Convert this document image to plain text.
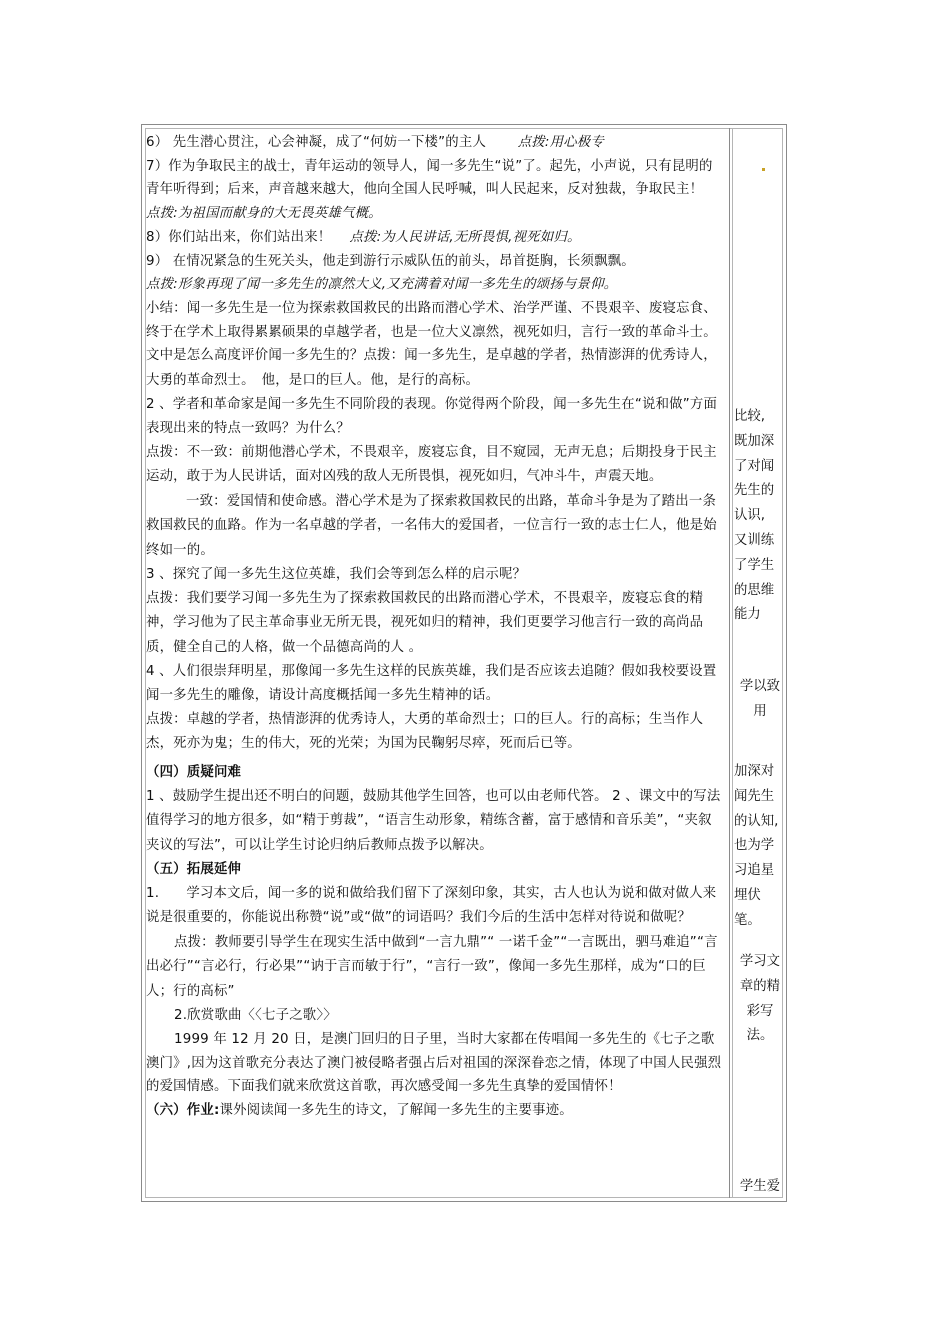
6） 先生潜心贯注，心会神凝，成了“何妨一下楼”的主人　　 点拨:用心极专

7）作为争取民主的战士，青年运动的领导人，闻一多先生“说”了。起先，小声说，只有昆明的青年听得到；后来，声音越来越大，他向全国人民呼喊，叫人民起来，反对独裁，争取民主！　　 点拨:为祖国而献身的大无畏英雄气概。

8）你们站出来，你们站出来！　 点拨:为人民讲话,无所畏惧,视死如归。

9） 在情况紧急的生死关头，他走到游行示威队伍的前头，昂首挺胸，长须飘飘。

点拨:形象再现了闻一多先生的凛然大义,又充满着对闻一多先生的颂扬与景仰。

小结：闻一多先生是一位为探索救国救民的出路而潜心学术、治学严谨、不畏艰辛、废寝忘食、终于在学术上取得累累硕果的卓越学者，也是一位大义凛然，视死如归，言行一致的革命斗士。

文中是怎么高度评价闻一多先生的？点拨：闻一多先生，是卓越的学者，热情澎湃的优秀诗人，大勇的革命烈士。　他，是口的巨人。他，是行的高标。

2 、学者和革命家是闻一多先生不同阶段的表现。你觉得两个阶段，闻一多先生在“说和做”方面表现出来的特点一致吗？为什么？

点拨：不一致：前期他潜心学术，不畏艰辛，废寝忘食，目不窥园，无声无息；后期投身于民主运动，敢于为人民讲话，面对凶残的敌人无所畏惧，视死如归，气冲斗牛，声震天地。

一致：爱国情和使命感。潜心学术是为了探索救国救民的出路，革命斗争是为了踏出一条救国救民的血路。作为一名卓越的学者，一名伟大的爱国者，一位言行一致的志士仁人，他是始终如一的。

3 、探究了闻一多先生这位英雄，我们会等到怎么样的启示呢？

点拨：我们要学习闻一多先生为了探索救国救民的出路而潜心学术，不畏艰辛，废寝忘食的精神，学习他为了民主革命事业无所无畏，视死如归的精神，我们更要学习他言行一致的高尚品质，健全自己的人格，做一个品德高尚的人 。

4 、人们很崇拜明星，那像闻一多先生这样的民族英雄，我们是否应该去追随？假如我校要设置闻一多先生的雕像，请设计高度概括闻一多先生精神的话。

点拨：卓越的学者，热情澎湃的优秀诗人，大勇的革命烈士；口的巨人。行的高标；生当作人杰，死亦为鬼；生的伟大，死的光荣；为国为民鞠躬尽瘁，死而后已等。

（四）质疑问难

1 、鼓励学生提出还不明白的问题，鼓励其他学生回答，也可以由老师代答。 2 、课文中的写法值得学习的地方很多，如“精于剪裁”，“语言生动形象，精练含蓄，富于感情和音乐美”，“夹叙夹议的写法”，可以让学生讨论归纳后教师点拨予以解决。

（五）拓展延伸

1.　　学习本文后，闻一多的说和做给我们留下了深刻印象，其实，古人也认为说和做对做人来说是很重要的，你能说出称赞“说”或“做”的词语吗？我们今后的生活中怎样对待说和做呢？

点拨：教师要引导学生在现实生活中做到“一言九鼎”“ 一诺千金”“一言既出，驷马难追”“言出必行”“言必行，行必果”“讷于言而敏于行”，“言行一致”，像闻一多先生那样，成为“口的巨人；行的高标”

2.欣赏歌曲〈〈七子之歌〉〉

1999 年 12 月 20 日，是澳门回归的日子里，当时大家都在传唱闻一多先生的《七子之歌　澳门》,因为这首歌充分表达了澳门被侵略者强占后对祖国的深深眷恋之情，体现了中国人民强烈的爱国情感。下面我们就来欣赏这首歌，再次感受闻一多先生真挚的爱国情怀！

（六）作业:课外阅读闻一多先生的诗文，了解闻一多先生的主要事迹。

比较,
既加深
了对闻
先生的
认识,
又训练
了学生
的思维
能力
学以致
用
加深对
闻先生
的认知,
也为学
习追星
埋伏
笔。
学习文
章的精
彩写
法。
学生爱
